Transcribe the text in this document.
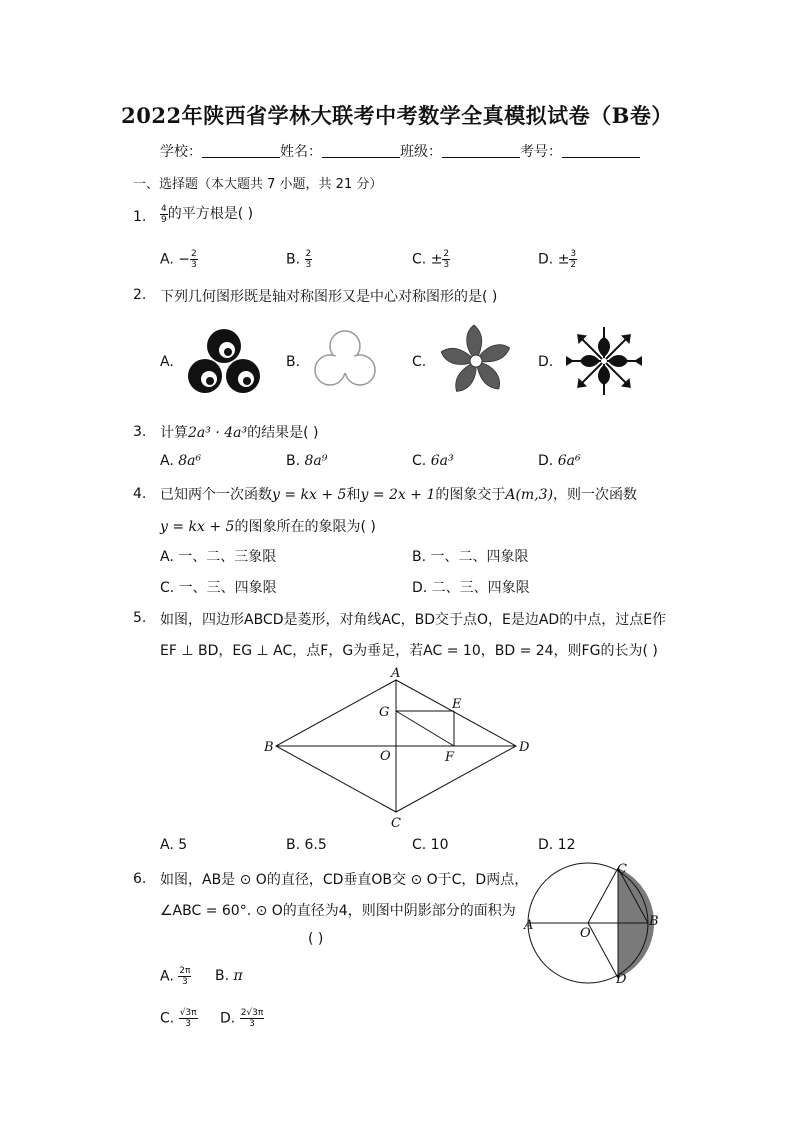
2022年陕西省学林大联考中考数学全真模拟试卷（B卷）
学校：	姓名：	班级：	考号：
一、选择题（本大题共 7 小题，共 21 分）
1. $\frac{4}{9}$ 的平方根是( )
A. − $\frac{2}{3}$	B. $\frac{2}{3}$	C. ± $\frac{2}{3}$	D. ± $\frac{3}{2}$
2. 下列几何图形既是轴对称图形又是中心对称图形的是( )
A.	B.	C.	D.
3. 计算2a³ · 4a³的结果是( )
A. 8a⁶	B. 8a⁹	C. 6a³	D. 6a⁶
4. 已知两个一次函数y = kx + 5和y = 2x + 1的图象交于A(m,3)，则一次函数
y = kx + 5的图象所在的象限为( )
A. 一、二、三象限	B. 一、二、四象限
C. 一、三、四象限	D. 二、三、四象限
5. 如图，四边形ABCD是菱形，对角线AC，BD交于点O，E是边AD的中点，过点E作
EF ⊥ BD，EG ⊥ AC，点F，G为垂足，若AC = 10，BD = 24，则FG的长为( )
A
B
C
D
O
E
F
G
A. 5	B. 6.5	C. 10	D. 12
6. 如图，AB是 ⊙ O的直径，CD垂直OB交 ⊙ O于C，D两点，
∠ABC = 60°. ⊙ O的直径为4，则图中阴影部分的面积为
( )
C
A	B
O
D
A. $\frac{2\pi}{3} B$. π
C. $\frac{√3\pi}{3} D$. $\frac{2√3\pi}{3}$
